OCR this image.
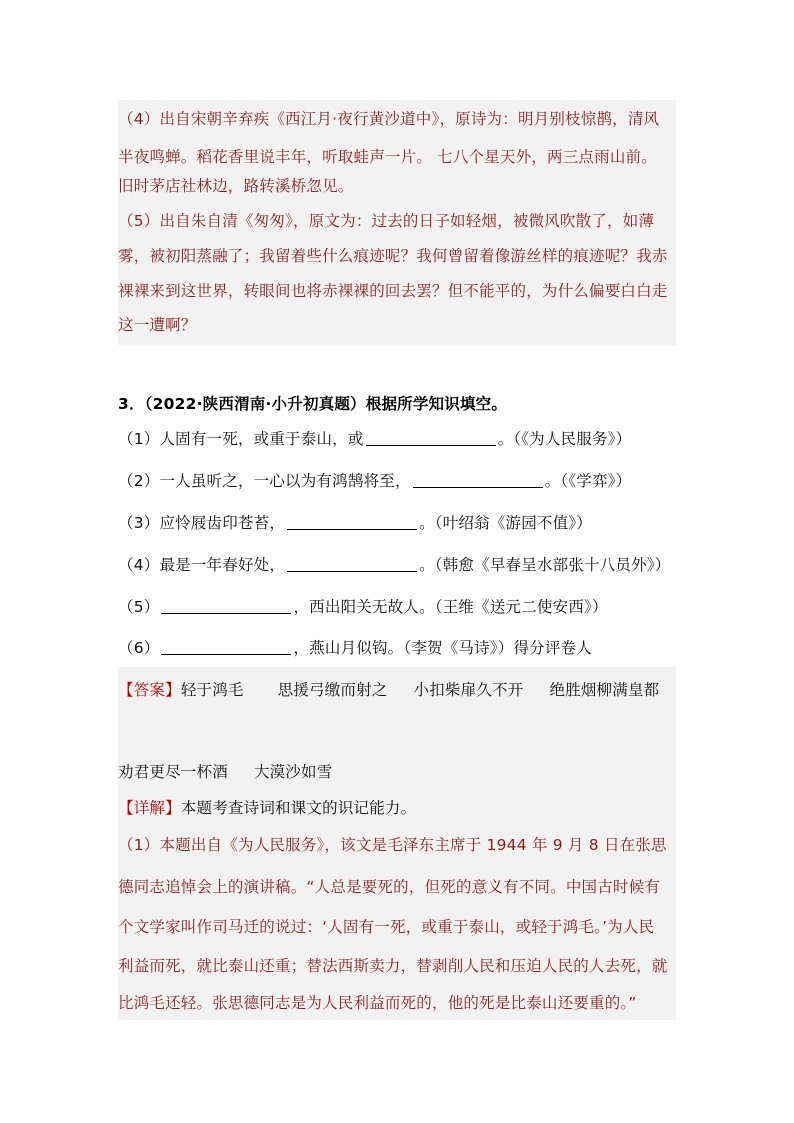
（4）出自宋朝辛弃疾《西江月·夜行黄沙道中》，原诗为：明月别枝惊鹊，清风
半夜鸣蝉。稻花香里说丰年，听取蛙声一片。 七八个星天外，两三点雨山前。
旧时茅店社林边，路转溪桥忽见。
（5）出自朱自清《匆匆》，原文为：过去的日子如轻烟，被微风吹散了，如薄
雾，被初阳蒸融了；我留着些什么痕迹呢？我何曾留着像游丝样的痕迹呢？我赤
裸裸来到这世界，转眼间也将赤裸裸的回去罢？但不能平的，为什么偏要白白走
这一遭啊？
3．（2022·陕西渭南·小升初真题）根据所学知识填空。
（1）人固有一死，或重于泰山，或	。（《为人民服务》）
（2）一人虽听之，一心以为有鸿鹄将至，	。（《学弈》）
（3）应怜屐齿印苍苔，	。（叶绍翁《游园不值》）
（4）最是一年春好处，	。（韩愈《早春呈水部张十八员外》）
（5）	，西出阳关无故人。（王维《送元二使安西》）
（6）	，燕山月似钩。（李贺《马诗》）得分评卷人
【答案】轻于鸿毛 思援弓缴而射之 小扣柴扉久不开 绝胜烟柳满皇都
劝君更尽一杯酒 大漠沙如雪
【详解】本题考查诗词和课文的识记能力。
（1）本题出自《为人民服务》，该文是毛泽东主席于 1944 年 9 月 8 日在张思
德同志追悼会上的演讲稿。“人总是要死的，但死的意义有不同。中国古时候有
个文学家叫作司马迁的说过：‘人固有一死，或重于泰山，或轻于鸿毛。’为人民
利益而死，就比泰山还重；替法西斯卖力，替剥削人民和压迫人民的人去死，就
比鸿毛还轻。张思德同志是为人民利益而死的，他的死是比泰山还要重的。”
